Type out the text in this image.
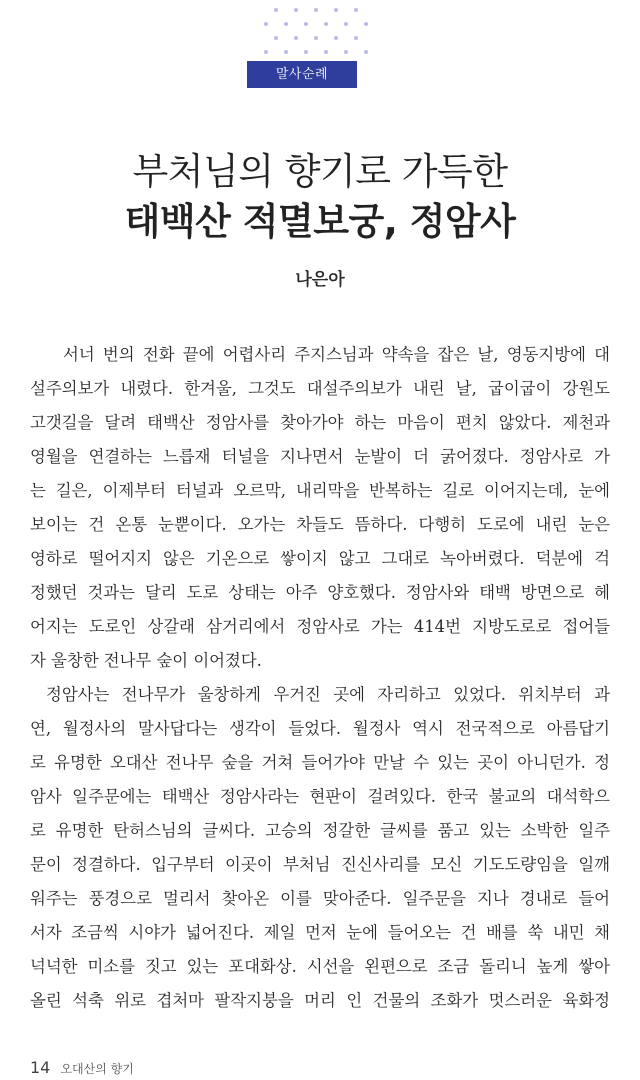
말사순례
부처님의 향기로 가득한
태백산 적멸보궁, 정암사
나은아
서너 번의 전화 끝에 어렵사리 주지스님과 약속을 잡은 날, 영동지방에 대
설주의보가 내렸다. 한겨울, 그것도 대설주의보가 내린 날, 굽이굽이 강원도
고갯길을 달려 태백산 정암사를 찾아가야 하는 마음이 편치 않았다. 제천과
영월을 연결하는 느릅재 터널을 지나면서 눈발이 더 굵어졌다. 정암사로 가
는 길은, 이제부터 터널과 오르막, 내리막을 반복하는 길로 이어지는데, 눈에
보이는 건 온통 눈뿐이다. 오가는 차들도 뜸하다. 다행히 도로에 내린 눈은
영하로 떨어지지 않은 기온으로 쌓이지 않고 그대로 녹아버렸다. 덕분에 걱
정했던 것과는 달리 도로 상태는 아주 양호했다. 정암사와 태백 방면으로 헤
어지는 도로인 상갈래 삼거리에서 정암사로 가는 414번 지방도로로 접어들
자 울창한 전나무 숲이 이어졌다.
정암사는 전나무가 울창하게 우거진 곳에 자리하고 있었다. 위치부터 과
연, 월정사의 말사답다는 생각이 들었다. 월정사 역시 전국적으로 아름답기
로 유명한 오대산 전나무 숲을 거쳐 들어가야 만날 수 있는 곳이 아니던가. 정
암사 일주문에는 태백산 정암사라는 현판이 걸려있다. 한국 불교의 대석학으
로 유명한 탄허스님의 글씨다. 고승의 정갈한 글씨를 품고 있는 소박한 일주
문이 정결하다. 입구부터 이곳이 부처님 진신사리를 모신 기도도량임을 일깨
워주는 풍경으로 멀리서 찾아온 이를 맞아준다. 일주문을 지나 경내로 들어
서자 조금씩 시야가 넓어진다. 제일 먼저 눈에 들어오는 건 배를 쑥 내민 채
넉넉한 미소를 짓고 있는 포대화상. 시선을 왼편으로 조금 돌리니 높게 쌓아
올린 석축 위로 겹처마 팔작지붕을 머리 인 건물의 조화가 멋스러운 육화정
14 오대산의 향기
